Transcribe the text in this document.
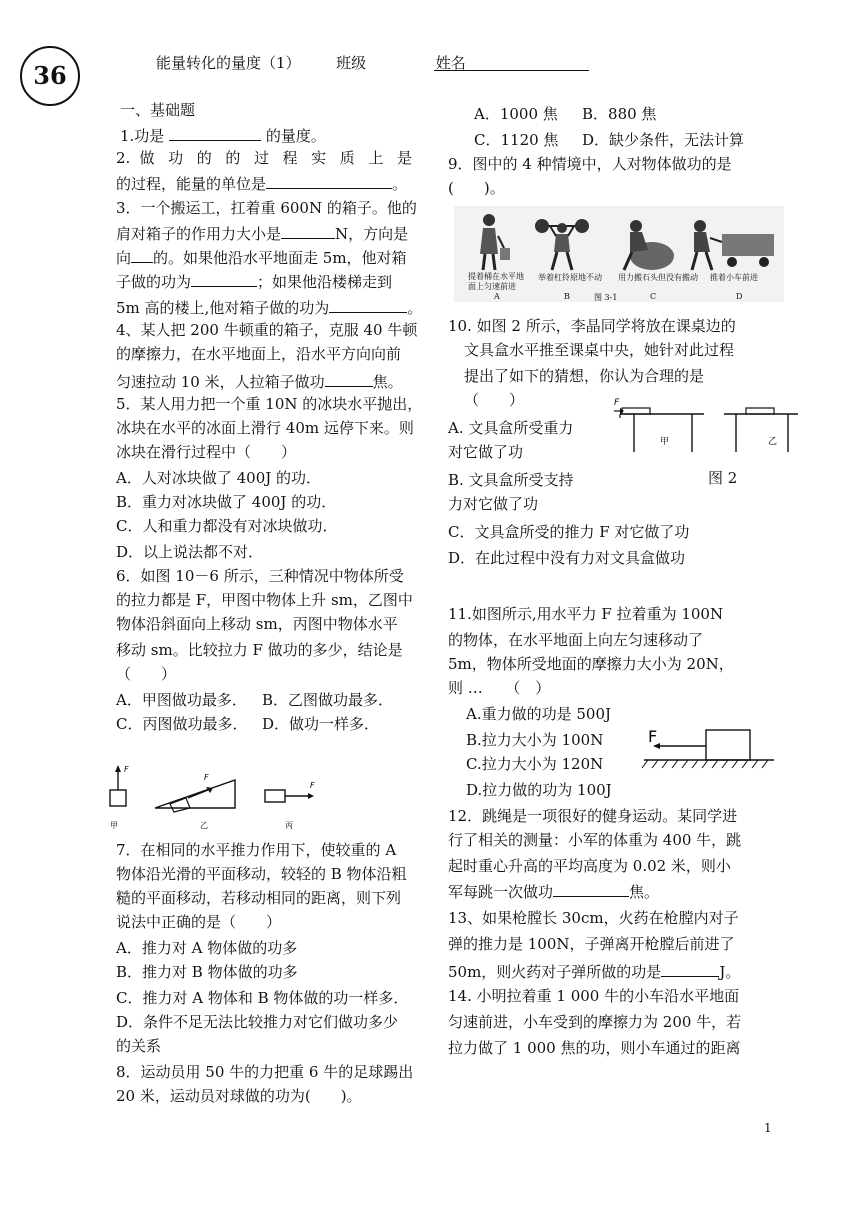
36	能量转化的量度（1） 班级	姓名
一、基础题
1.功是	的量度。
2. 做 功 的 的 过 程 实 质 上 是
的过程，能量的单位是	。
3．一个搬运工，扛着重 600N 的箱子。他的
肩对箱子的作用力大小是	N，方向是
向 的。如果他沿水平地面走 5m，他对箱
子做的功为	；如果他沿楼梯走到
5m 高的楼上,他对箱子做的功为	。
4、某人把 200 牛顿重的箱子，克服 40 牛顿
的摩擦力，在水平地面上，沿水平方向向前
匀速拉动 10 米，人拉箱子做功	焦。
5．某人用力把一个重 10N 的冰块水平抛出，
冰块在水平的冰面上滑行 40m 远停下来。则
冰块在滑行过程中（　　）
A．人对冰块做了 400J 的功．
B．重力对冰块做了 400J 的功．
C．人和重力都没有对冰块做功．
D．以上说法都不对．
6．如图 10－6 所示，三种情况中物体所受
的拉力都是 F，甲图中物体上升 sm，乙图中
物体沿斜面向上移动 sm，丙图中物体水平
移动 sm。比较拉力 F 做功的多少，结论是
（　　）
A．甲图做功最多． B．乙图做功最多．
C．丙图做功最多． D．做功一样多．
F
甲
F
乙
F
丙
7．在相同的水平推力作用下，使较重的 A
物体沿光滑的平面移动，较轻的 B 物体沿粗
糙的平面移动，若移动相同的距离，则下列
说法中正确的是（　　）
A．推力对 A 物体做的功多
B．推力对 B 物体做的功多
C．推力对 A 物体和 B 物体做的功一样多．
D．条件不足无法比较推力对它们做功多少
的关系
8．运动员用 50 牛的力把重 6 牛的足球踢出
20 米，运动员对球做的功为(　　)。
A．1000 焦 B．880 焦
C．1120 焦 D．缺少条件，无法计算
9．图中的 4 种情境中，人对物体做功的是
(　　)。
提着桶在水平地面上匀速前进
举着杠铃原地不动 用力搬石头但没有搬动 推着小车前进
A	B	图 3-1	C	D
10. 如图 2 所示，李晶同学将放在课桌边的
文具盒水平推至课桌中央，她针对此过程
提出了如下的猜想，你认为合理的是
（　　）
A. 文具盒所受重力
对它做了功
B. 文具盒所受支持
力对它做了功
C．文具盒所受的推力 F 对它做了功
D．在此过程中没有力对文具盒做功
F
甲	乙
图 2
11.如图所示,用水平力 F 拉着重为 100N
的物体，在水平地面上向左匀速移动了
5m，物体所受地面的摩擦力大小为 20N，
则 …　　（　）
A.重力做的功是 500J
B.拉力大小为 100N
C.拉力大小为 120N
D.拉力做的功为 100J
F
12．跳绳是一项很好的健身运动。某同学进
行了相关的测量：小军的体重为 400 牛，跳
起时重心升高的平均高度为 0.02 米，则小
军每跳一次做功	焦。
13、如果枪膛长 30cm，火药在枪膛内对子
弹的推力是 100N，子弹离开枪膛后前进了
50m，则火药对子弹所做的功是	J。
14. 小明拉着重 1 000 牛的小车沿水平地面
匀速前进，小车受到的摩擦力为 200 牛，若
拉力做了 1 000 焦的功，则小车通过的距离
1
